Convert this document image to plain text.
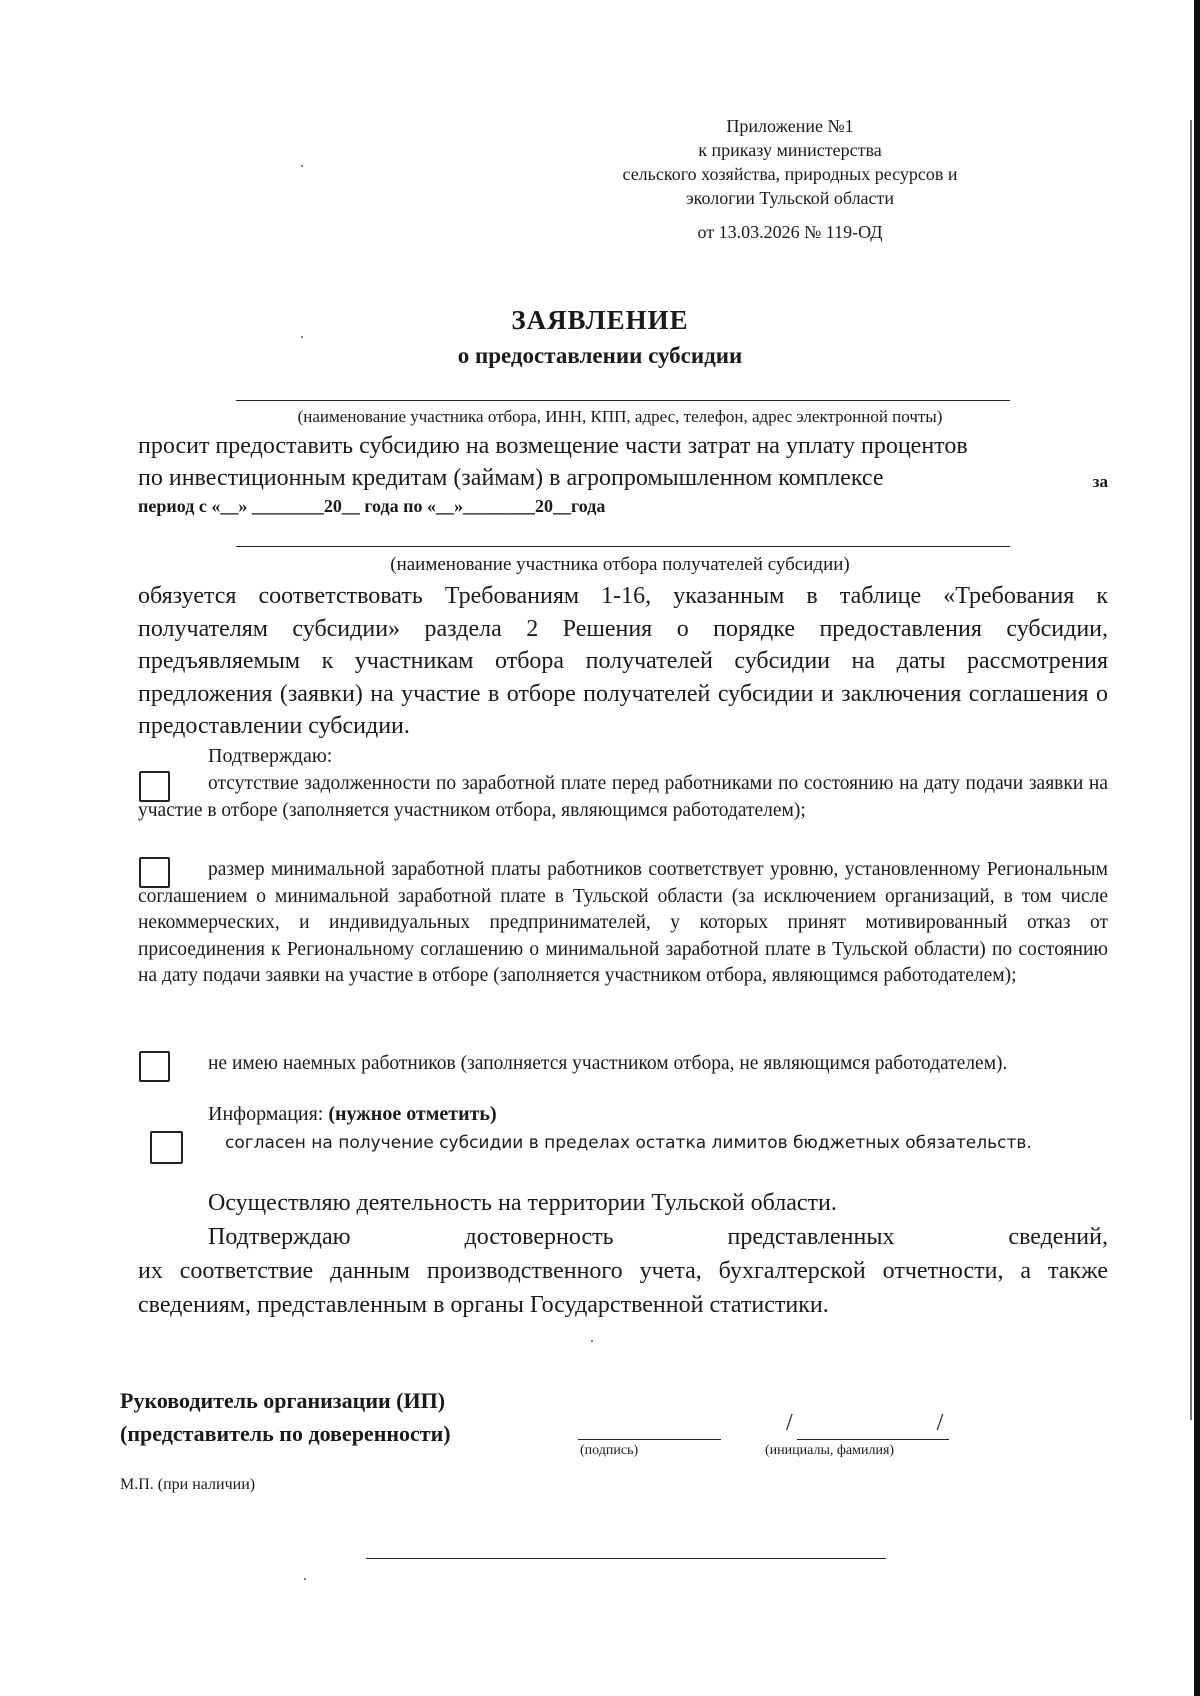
Приложение №1
к приказу министерства
сельского хозяйства, природных ресурсов и
экологии Тульской области
от 13.03.2026 № 119-ОД
ЗАЯВЛЕНИЕ
о предоставлении субсидии
(наименование участника отбора, ИНН, КПП, адрес, телефон, адрес электронной почты)
просит предоставить субсидию на возмещение части затрат на уплату процентов
по инвестиционным кредитам (займам) в агропромышленном комплексе	за
период с «__» ________20__ года по «__»________20__года
(наименование участника отбора получателей субсидии)
обязуется соответствовать Требованиям 1-16, указанным в таблице «Требования к получателям субсидии» раздела 2 Решения о порядке предоставления субсидии, предъявляемым к участникам отбора получателей субсидии на даты рассмотрения предложения (заявки) на участие в отборе получателей субсидии и заключения соглашения о предоставлении субсидии.
Подтверждаю:
отсутствие задолженности по заработной плате перед работниками по состоянию на дату подачи заявки на участие в отборе (заполняется участником отбора, являющимся работодателем);
размер минимальной заработной платы работников соответствует уровню, установленному Региональным соглашением о минимальной заработной плате в Тульской области (за исключением организаций, в том числе некоммерческих, и индивидуальных предпринимателей, у которых принят мотивированный отказ от присоединения к Региональному соглашению о минимальной заработной плате в Тульской области) по состоянию на дату подачи заявки на участие в отборе (заполняется участником отбора, являющимся работодателем);
не имею наемных работников (заполняется участником отбора, не являющимся работодателем).
Информация: (нужное отметить)
согласен на получение субсидии в пределах остатка лимитов бюджетных обязательств.
Осуществляю деятельность на территории Тульской области.
Подтверждаю достоверность представленных сведений,
их соответствие данным производственного учета, бухгалтерской отчетности, а также сведениям, представленным в органы Государственной статистики.
Руководитель организации (ИП)
(представитель по доверенности)
(подпись)
/                        /
(инициалы, фамилия)
М.П. (при наличии)
